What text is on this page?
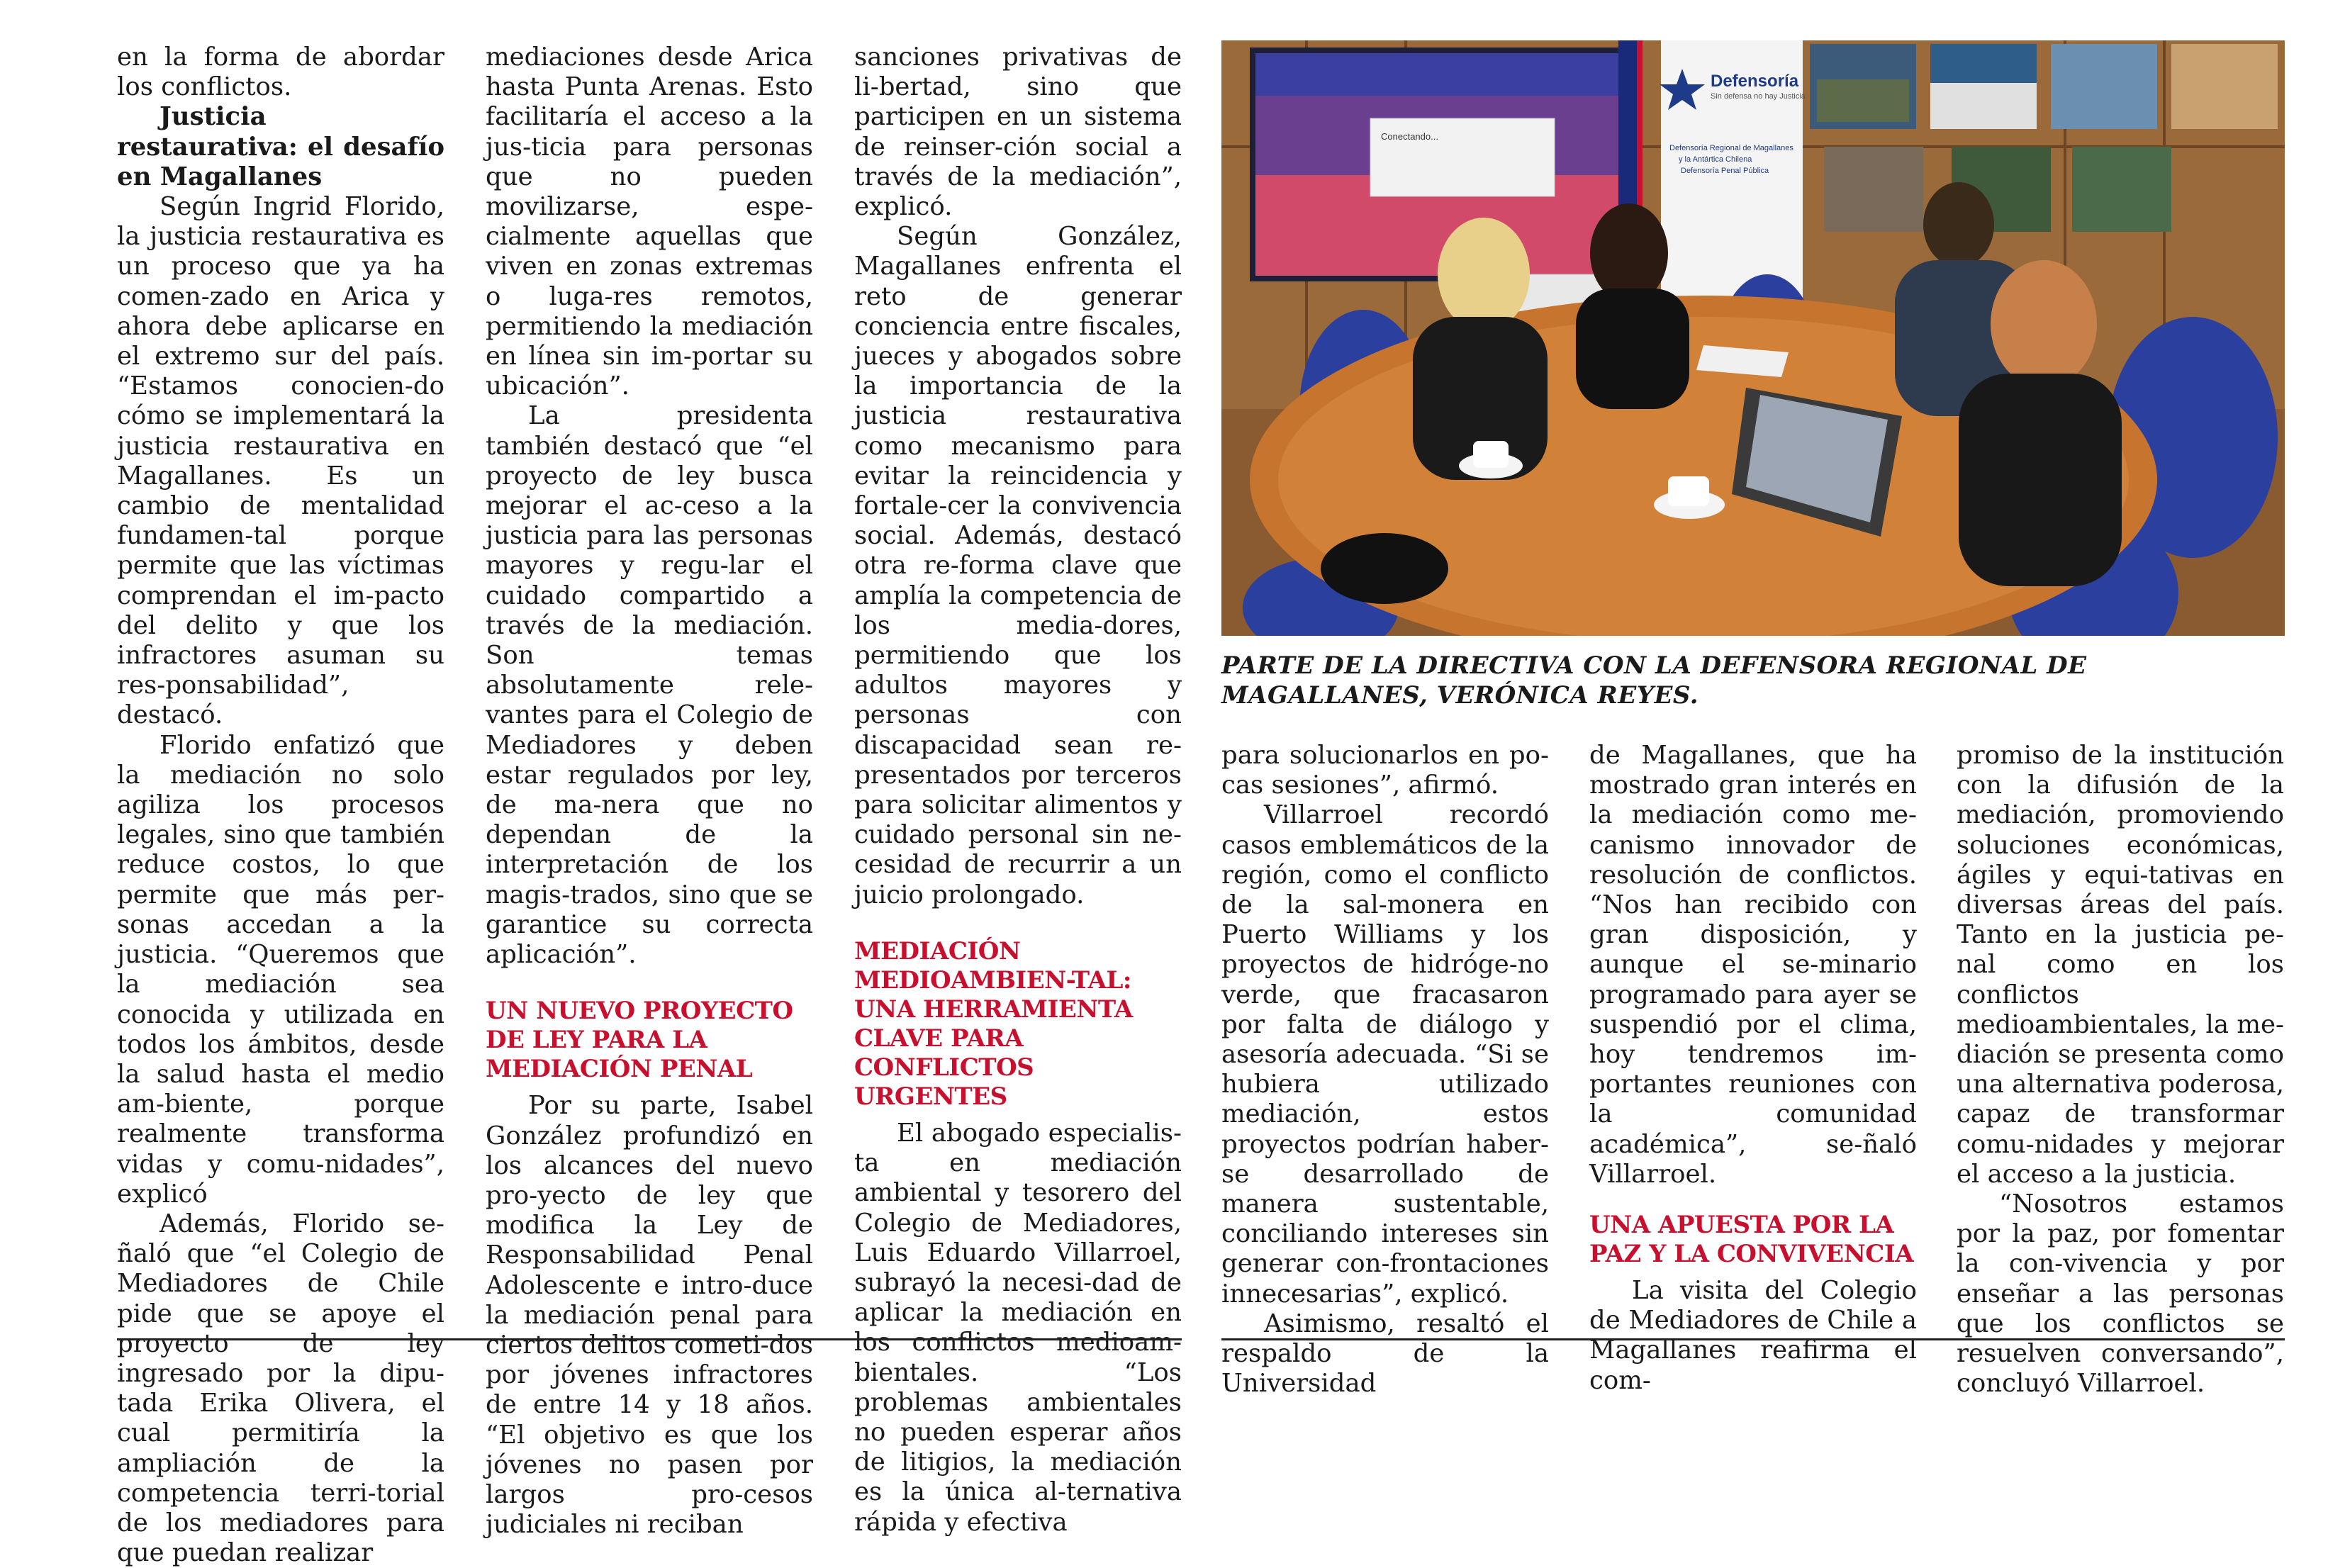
en la forma de abordar los conflictos.

Justicia restaurativa: el desafío en Magallanes

Según Ingrid Florido, la justicia restaurativa es un proceso que ya ha comen-zado en Arica y ahora debe aplicarse en el extremo sur del país. “Estamos conocien-do cómo se implementará la justicia restaurativa en Magallanes. Es un cambio de mentalidad fundamen-tal porque permite que las víctimas comprendan el im-pacto del delito y que los infractores asuman su res-ponsabilidad”, destacó.

Florido enfatizó que la mediación no solo agiliza los procesos legales, sino que también reduce costos, lo que permite que más per-sonas accedan a la justicia. “Queremos que la mediación sea conocida y utilizada en todos los ámbitos, desde la salud hasta el medio am-biente, porque realmente transforma vidas y comu-nidades”, explicó

Además, Florido se-ñaló que “el Colegio de Mediadores de Chile pide que se apoye el proyecto de ley ingresado por la dipu-tada Erika Olivera, el cual permitiría la ampliación de la competencia terri-torial de los mediadores para que puedan realizar

mediaciones desde Arica hasta Punta Arenas. Esto facilitaría el acceso a la jus-ticia para personas que no pueden movilizarse, espe-cialmente aquellas que viven en zonas extremas o luga-res remotos, permitiendo la mediación en línea sin im-portar su ubicación”.

La presidenta también destacó que “el proyecto de ley busca mejorar el ac-ceso a la justicia para las personas mayores y regu-lar el cuidado compartido a través de la mediación. Son temas absolutamente rele-vantes para el Colegio de Mediadores y deben estar regulados por ley, de ma-nera que no dependan de la interpretación de los magis-trados, sino que se garantice su correcta aplicación”.

UN NUEVO PROYECTO DE LEY PARA LA MEDIACIÓN PENAL

Por su parte, Isabel González profundizó en los alcances del nuevo pro-yecto de ley que modifica la Ley de Responsabilidad Penal Adolescente e intro-duce la mediación penal para ciertos delitos cometi-dos por jóvenes infractores de entre 14 y 18 años. “El objetivo es que los jóvenes no pasen por largos pro-cesos judiciales ni reciban

sanciones privativas de li-bertad, sino que participen en un sistema de reinser-ción social a través de la mediación”, explicó.

Según González, Magallanes enfrenta el reto de generar conciencia entre fiscales, jueces y abogados sobre la importancia de la justicia restaurativa como mecanismo para evitar la reincidencia y fortale-cer la convivencia social. Además, destacó otra re-forma clave que amplía la competencia de los media-dores, permitiendo que los adultos mayores y personas con discapacidad sean re-presentados por terceros para solicitar alimentos y cuidado personal sin ne-cesidad de recurrir a un juicio prolongado.

MEDIACIÓN MEDIOAMBIEN-TAL: UNA HERRAMIENTA CLAVE PARA CONFLICTOS URGENTES

El abogado especialis-ta en mediación ambiental y tesorero del Colegio de Mediadores, Luis Eduardo Villarroel, subrayó la necesi-dad de aplicar la mediación en los conflictos medioam-bientales. “Los problemas ambientales no pueden esperar años de litigios, la mediación es la única al-ternativa rápida y efectiva

Conectando...
Defensoría
Sin defensa no hay Justicia
Defensoría Regional de Magallanes
y la Antártica Chilena
Defensoría Penal Pública
PARTE DE LA DIRECTIVA CON LA DEFENSORA REGIONAL DE MAGALLANES, VERÓNICA REYES.

para solucionarlos en po-cas sesiones”, afirmó.

Villarroel recordó casos emblemáticos de la región, como el conflicto de la sal-monera en Puerto Williams y los proyectos de hidróge-no verde, que fracasaron por falta de diálogo y asesoría adecuada. “Si se hubiera utilizado mediación, estos proyectos podrían haber-se desarrollado de manera sustentable, conciliando intereses sin generar con-frontaciones innecesarias”, explicó.

Asimismo, resaltó el respaldo de la Universidad

de Magallanes, que ha mostrado gran interés en la mediación como me-canismo innovador de resolución de conflictos. “Nos han recibido con gran disposición, y aunque el se-minario programado para ayer se suspendió por el clima, hoy tendremos im-portantes reuniones con la comunidad académica”, se-ñaló Villarroel.

UNA APUESTA POR LA PAZ Y LA CONVIVENCIA

La visita del Colegio de Mediadores de Chile a Magallanes reafirma el com-

promiso de la institución con la difusión de la mediación, promoviendo soluciones económicas, ágiles y equi-tativas en diversas áreas del país. Tanto en la justicia pe-nal como en los conflictos medioambientales, la me-diación se presenta como una alternativa poderosa, capaz de transformar comu-nidades y mejorar el acceso a la justicia.

“Nosotros estamos por la paz, por fomentar la con-vivencia y por enseñar a las personas que los conflictos se resuelven conversando”, concluyó Villarroel.
